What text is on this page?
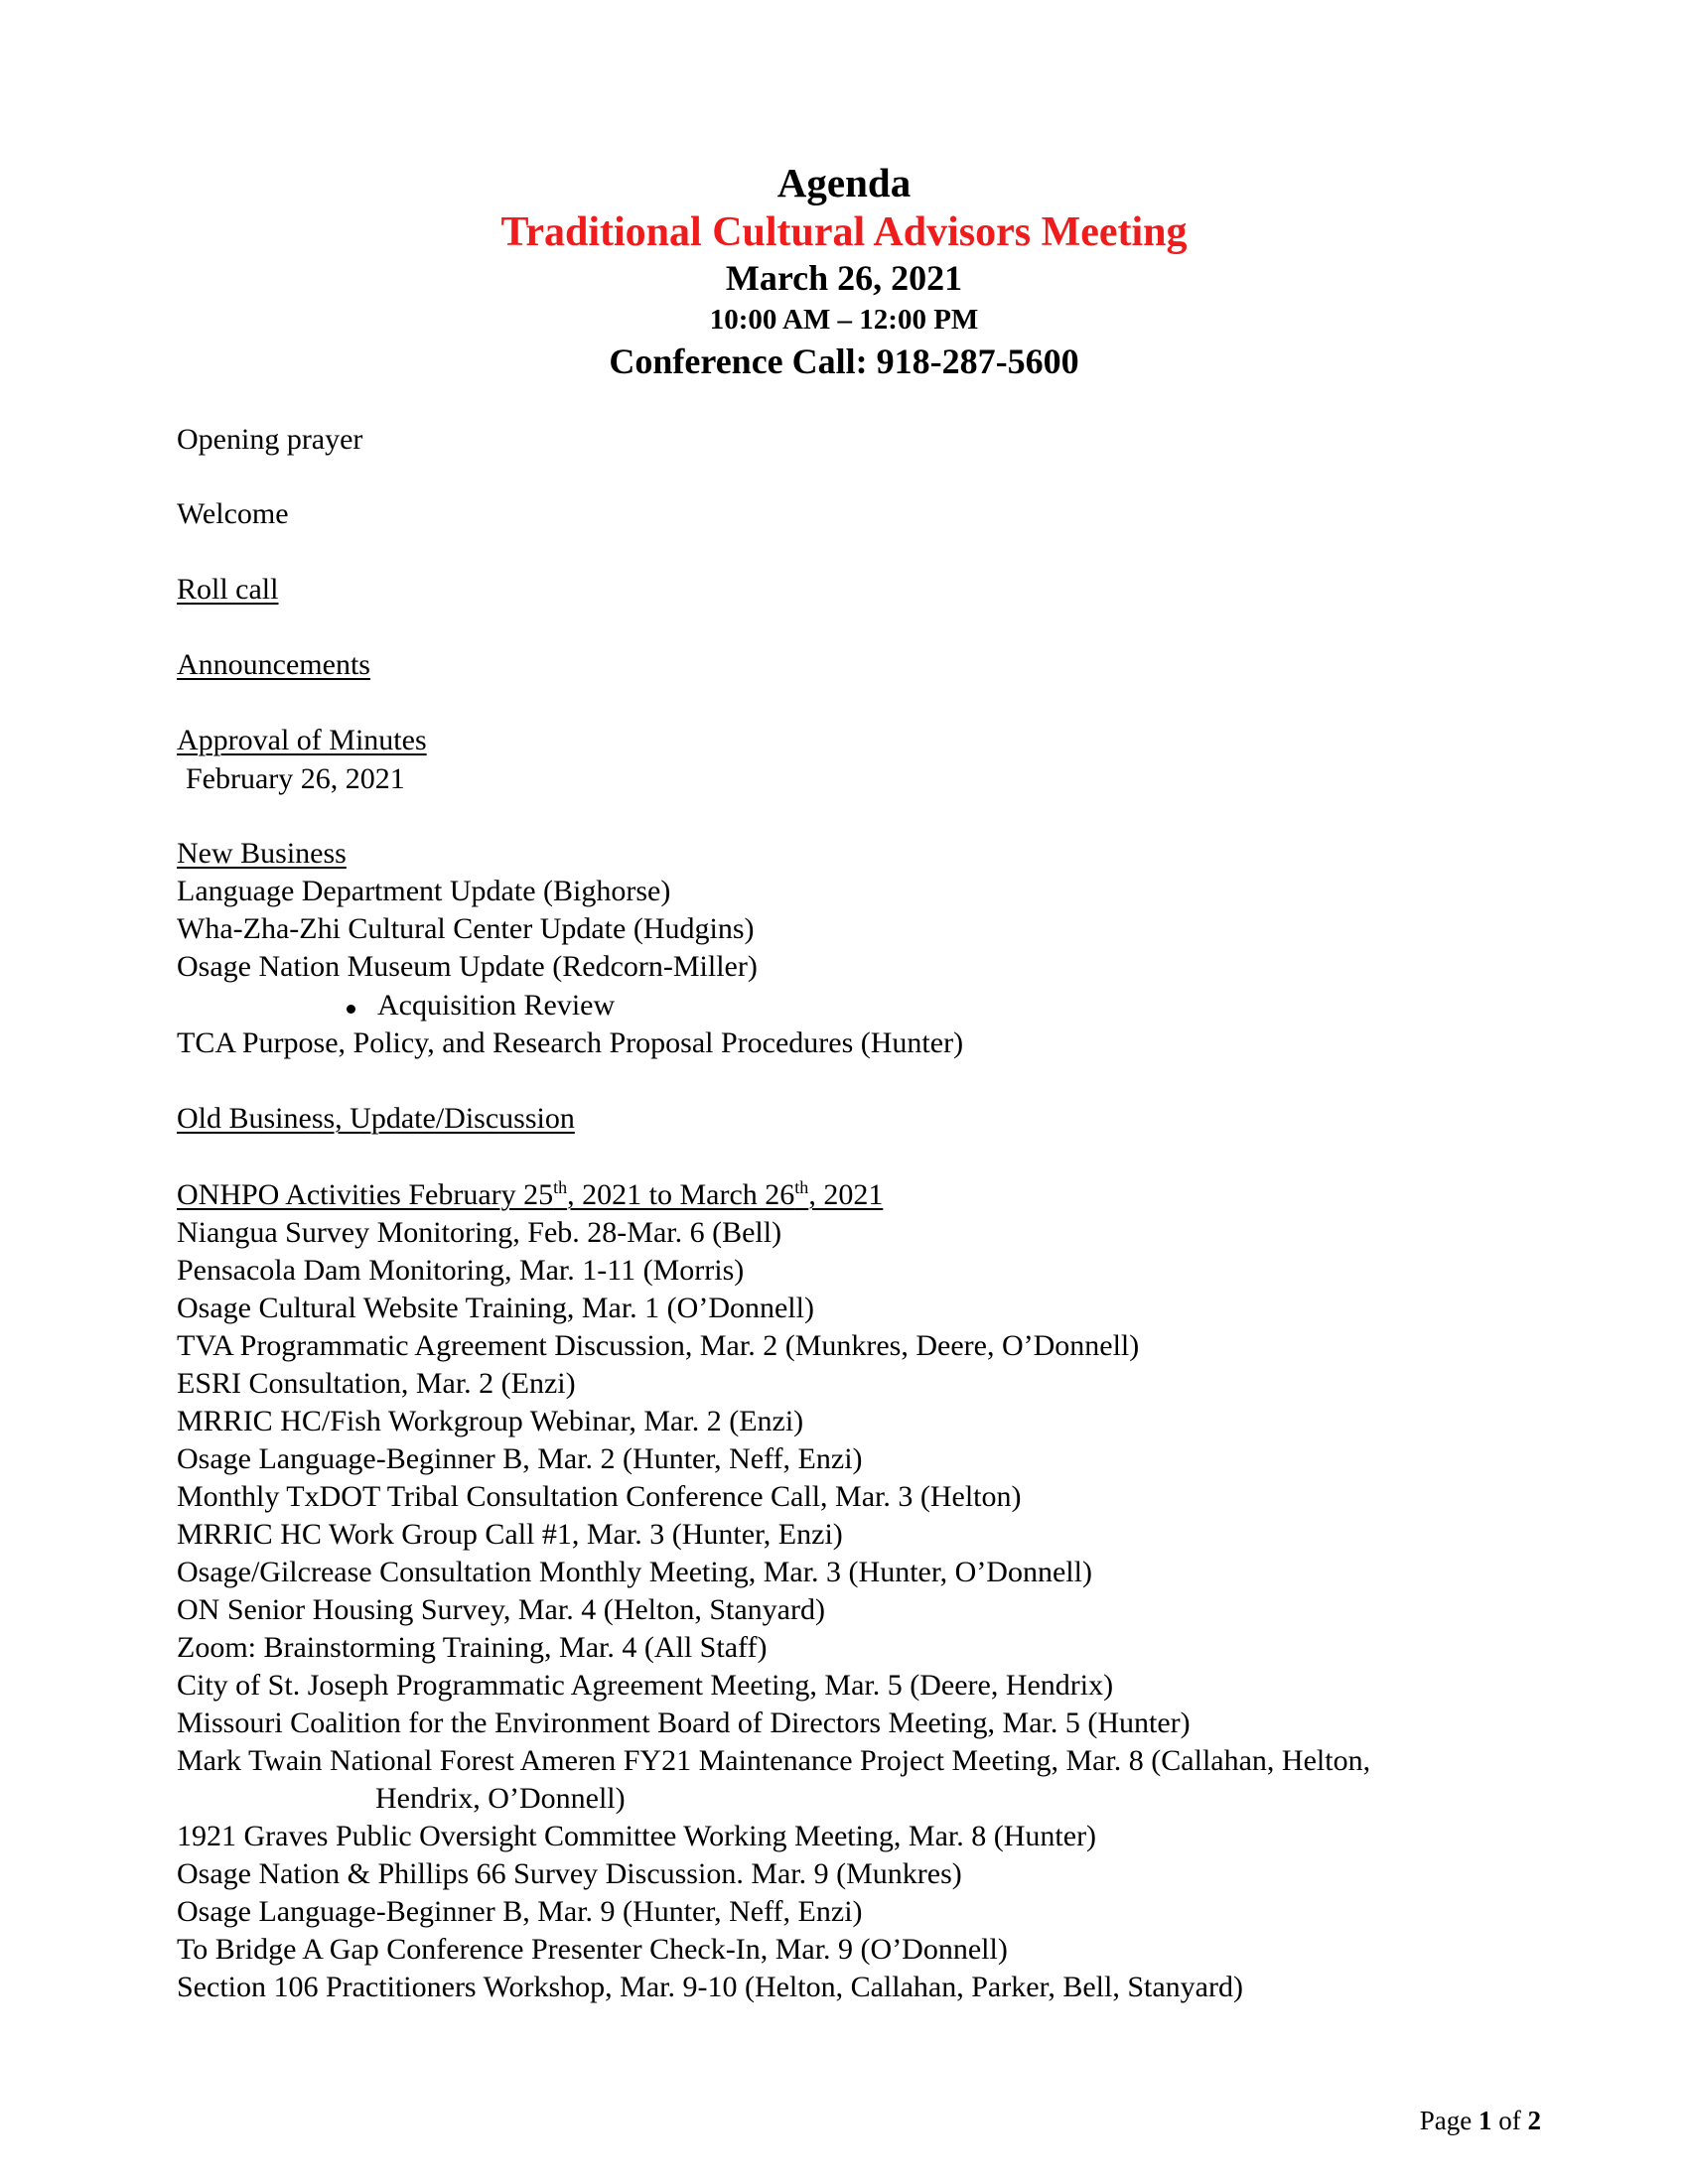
Agenda
Traditional Cultural Advisors Meeting
March 26, 2021
10:00 AM – 12:00 PM
Conference Call: 918-287-5600
Opening prayer
Welcome
Roll call
Announcements
Approval of Minutes
February 26, 2021
New Business
Language Department Update (Bighorse)
Wha-Zha-Zhi Cultural Center Update (Hudgins)
Osage Nation Museum Update (Redcorn-Miller)
Acquisition Review
TCA Purpose, Policy, and Research Proposal Procedures (Hunter)
Old Business, Update/Discussion
ONHPO Activities February 25th, 2021 to March 26th, 2021
Niangua Survey Monitoring, Feb. 28-Mar. 6 (Bell)
Pensacola Dam Monitoring, Mar. 1-11 (Morris)
Osage Cultural Website Training, Mar. 1 (O’Donnell)
TVA Programmatic Agreement Discussion, Mar. 2 (Munkres, Deere, O’Donnell)
ESRI Consultation, Mar. 2 (Enzi)
MRRIC HC/Fish Workgroup Webinar, Mar. 2 (Enzi)
Osage Language-Beginner B, Mar. 2 (Hunter, Neff, Enzi)
Monthly TxDOT Tribal Consultation Conference Call, Mar. 3 (Helton)
MRRIC HC Work Group Call #1, Mar. 3 (Hunter, Enzi)
Osage/Gilcrease Consultation Monthly Meeting, Mar. 3 (Hunter, O’Donnell)
ON Senior Housing Survey, Mar. 4 (Helton, Stanyard)
Zoom: Brainstorming Training, Mar. 4 (All Staff)
City of St. Joseph Programmatic Agreement Meeting, Mar. 5 (Deere, Hendrix)
Missouri Coalition for the Environment Board of Directors Meeting, Mar. 5 (Hunter)
Mark Twain National Forest Ameren FY21 Maintenance Project Meeting, Mar. 8 (Callahan, Helton,
Hendrix, O’Donnell)
1921 Graves Public Oversight Committee Working Meeting, Mar. 8 (Hunter)
Osage Nation & Phillips 66 Survey Discussion. Mar. 9 (Munkres)
Osage Language-Beginner B, Mar. 9 (Hunter, Neff, Enzi)
To Bridge A Gap Conference Presenter Check-In, Mar. 9 (O’Donnell)
Section 106 Practitioners Workshop, Mar. 9-10 (Helton, Callahan, Parker, Bell, Stanyard)
Page 1 of 2
